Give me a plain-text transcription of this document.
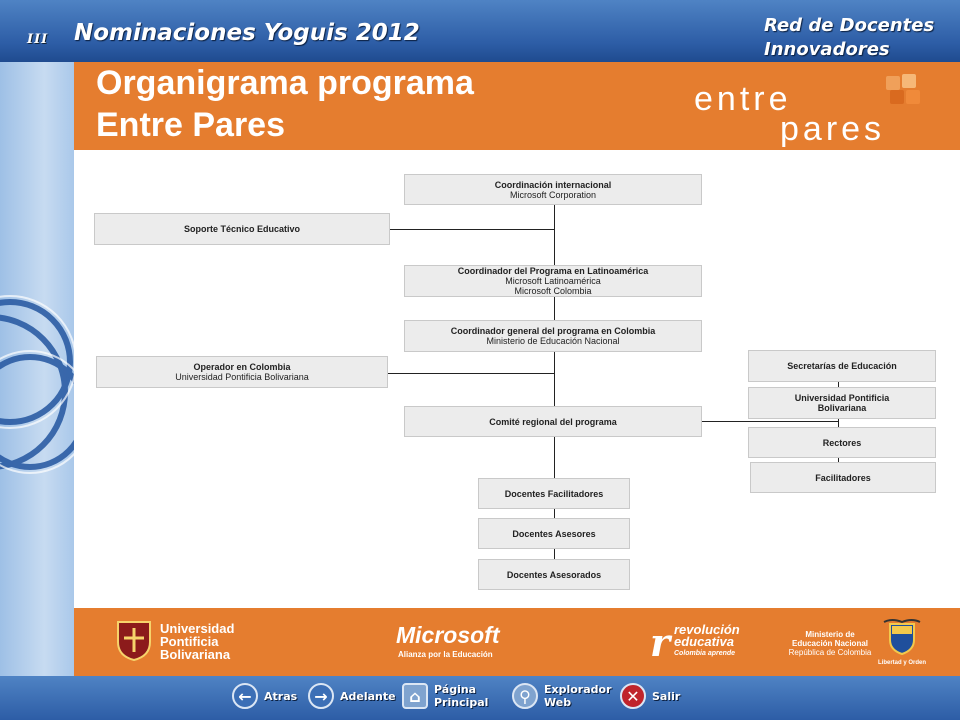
III Nominaciones Yoguis 2012	Red de Docentes Innovadores
Organigrama programa
Entre Pares
entre
pares
Coordinación internacional
Microsoft Corporation
Soporte Técnico Educativo
Coordinador del Programa en Latinoamérica
Microsoft Latinoamérica
Microsoft Colombia
Coordinador general del programa en Colombia
Ministerio de Educación Nacional
Operador en Colombia
Universidad Pontificia Bolivariana
Comité regional del programa
Secretarías de Educación
Universidad Pontificia
Bolivariana
Rectores
Facilitadores
Docentes Facilitadores
Docentes Asesores
Docentes Asesorados
Universidad
Pontificia
Bolivariana
Microsoft
Alianza por la Educación	r revolución
educativa
Colombia aprende
Ministerio de
Educación Nacional
República de Colombia
Libertad y Orden
←	Atras	→	Adelante ⌂	Página
Principal	⚲	Explorador
Web	✕	Salir
